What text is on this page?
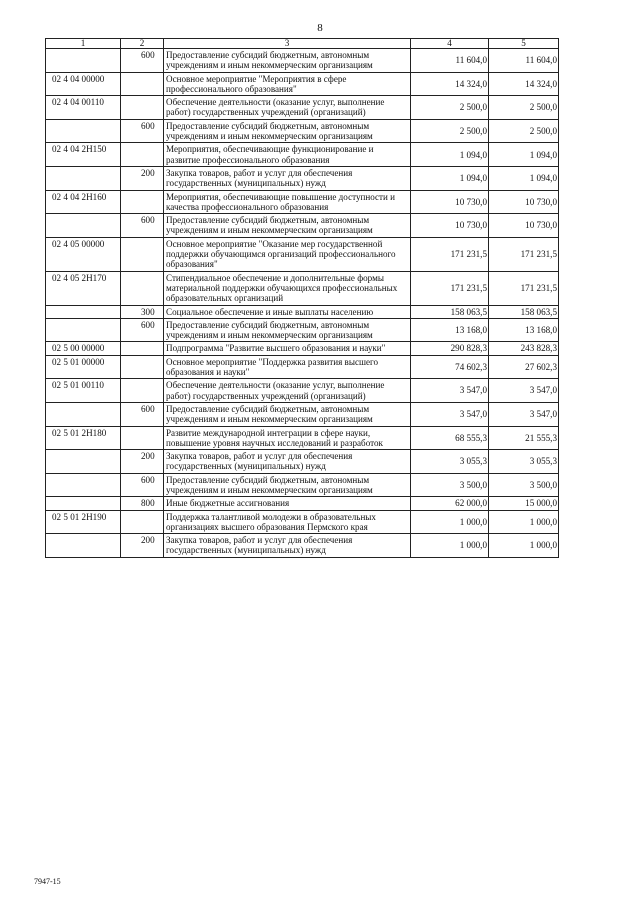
8
1	2	3	4	5
	600	Предоставление субсидий бюджетным, автономным учреждениям и иным некоммерческим организациям	11 604,0	11 604,0
02 4 04 00000		Основное мероприятие "Мероприятия в сфере профессионального образования"	14 324,0	14 324,0
02 4 04 00110		Обеспечение деятельности (оказание услуг, выполнение работ) государственных учреждений (организаций)	2 500,0	2 500,0
	600	Предоставление субсидий бюджетным, автономным учреждениям и иным некоммерческим организациям	2 500,0	2 500,0
02 4 04 2Н150		Мероприятия, обеспечивающие функционирование и развитие профессионального образования	1 094,0	1 094,0
	200	Закупка товаров, работ и услуг для обеспечения государственных (муниципальных) нужд	1 094,0	1 094,0
02 4 04 2Н160		Мероприятия, обеспечивающие повышение доступности и качества профессионального образования	10 730,0	10 730,0
	600	Предоставление субсидий бюджетным, автономным учреждениям и иным некоммерческим организациям	10 730,0	10 730,0
02 4 05 00000		Основное мероприятие "Оказание мер государственной поддержки обучающимся организаций профессионального образования"	171 231,5	171 231,5
02 4 05 2Н170		Стипендиальное обеспечение и дополнительные формы материальной поддержки обучающихся профессиональных образовательных организаций	171 231,5	171 231,5
	300	Социальное обеспечение и иные выплаты населению	158 063,5	158 063,5
	600	Предоставление субсидий бюджетным, автономным учреждениям и иным некоммерческим организациям	13 168,0	13 168,0
02 5 00 00000		Подпрограмма "Развитие высшего образования и науки"	290 828,3	243 828,3
02 5 01 00000		Основное мероприятие "Поддержка развития высшего образования и науки"	74 602,3	27 602,3
02 5 01 00110		Обеспечение деятельности (оказание услуг, выполнение работ) государственных учреждений (организаций)	3 547,0	3 547,0
	600	Предоставление субсидий бюджетным, автономным учреждениям и иным некоммерческим организациям	3 547,0	3 547,0
02 5 01 2Н180		Развитие международной интеграции в сфере науки, повышение уровня научных исследований и разработок	68 555,3	21 555,3
	200	Закупка товаров, работ и услуг для обеспечения государственных (муниципальных) нужд	3 055,3	3 055,3
	600	Предоставление субсидий бюджетным, автономным учреждениям и иным некоммерческим организациям	3 500,0	3 500,0
	800	Иные бюджетные ассигнования	62 000,0	15 000,0
02 5 01 2Н190		Поддержка талантливой молодежи в образовательных организациях высшего образования Пермского края	1 000,0	1 000,0
	200	Закупка товаров, работ и услуг для обеспечения государственных (муниципальных) нужд	1 000,0	1 000,0
7947-15
